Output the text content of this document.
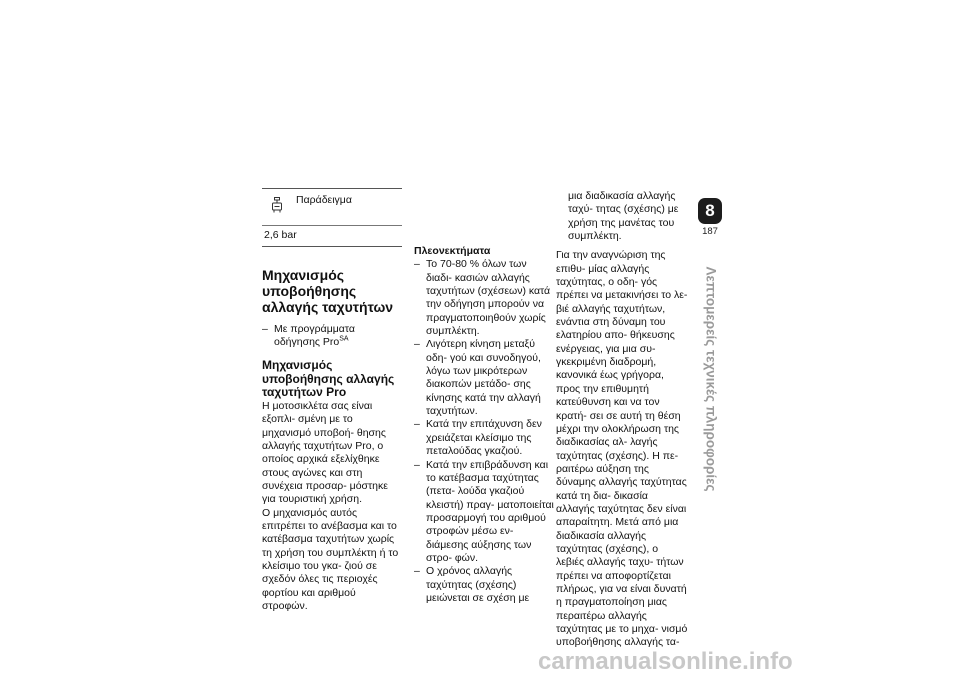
Παράδειγμα
2,6 bar
Μηχανισμός υποβοήθησης αλλαγής ταχυτήτων
– Με προγράμματα οδήγησης Pro$^{SA}$
Μηχανισμός υποβοήθησης αλλαγής ταχυτήτων Pro

Η μοτοσικλέτα σας είναι εξοπλι- σμένη με το μηχανισμό υποβοή- θησης αλλαγής ταχυτήτων Pro, ο οποίος αρχικά εξελίχθηκε στους αγώνες και στη συνέχεια προσαρ- μόστηκε για τουριστική χρήση.

Ο μηχανισμός αυτός επιτρέπει το ανέβασμα και το κατέβασμα ταχυτήτων χωρίς τη χρήση του συμπλέκτη ή το κλείσιμο του γκα- ζιού σε σχεδόν όλες τις περιοχές φορτίου και αριθμού στροφών.

Πλεονεκτήματα
– Το 70-80 % όλων των διαδι- κασιών αλλαγής ταχυτήτων (σχέσεων) κατά την οδήγηση μπορούν να πραγματοποιηθούν χωρίς συμπλέκτη.
– Λιγότερη κίνηση μεταξύ οδη- γού και συνοδηγού, λόγω των μικρότερων διακοπών μετάδο- σης κίνησης κατά την αλλαγή ταχυτήτων.
– Κατά την επιτάχυνση δεν χρειάζεται κλείσιμο της πεταλούδας γκαζιού.
– Κατά την επιβράδυνση και το κατέβασμα ταχύτητας (πετα- λούδα γκαζιού κλειστή) πραγ- ματοποιείται προσαρμογή του αριθμού στροφών μέσω εν- διάμεσης αύξησης των στρο- φών.
– Ο χρόνος αλλαγής ταχύτητας (σχέσης) μειώνεται σε σχέση με

μια διαδικασία αλλαγής ταχύ- τητας (σχέσης) με χρήση της μανέτας του συμπλέκτη.

Για την αναγνώριση της επιθυ- μίας αλλαγής ταχύτητας, ο οδη- γός πρέπει να μετακινήσει το λε- βιέ αλλαγής ταχυτήτων, ενάντια στη δύναμη του ελατηρίου απο- θήκευσης ενέργειας, για μια συ- γκεκριμένη διαδρομή, κανονικά έως γρήγορα, προς την επιθυμητή κατεύθυνση και να τον κρατή- σει σε αυτή τη θέση μέχρι την ολοκλήρωση της διαδικασίας αλ- λαγής ταχύτητας (σχέσης). Η πε- ραιτέρω αύξηση της δύναμης αλλαγής ταχύτητας κατά τη δια- δικασία αλλαγής ταχύτητας δεν είναι απαραίτητη. Μετά από μια διαδικασία αλλαγής ταχύτητας (σχέσης), ο λεβιές αλλαγής ταχυ- τήτων πρέπει να αποφορτίζεται πλήρως, για να είναι δυνατή η πραγματοποίηση μιας περαιτέρω αλλαγής ταχύτητας με το μηχα- νισμό υποβοήθησης αλλαγής τα-

8
187
Λεπτομερείς τεχνικές πληροφορίες
carmanualsonline.info
